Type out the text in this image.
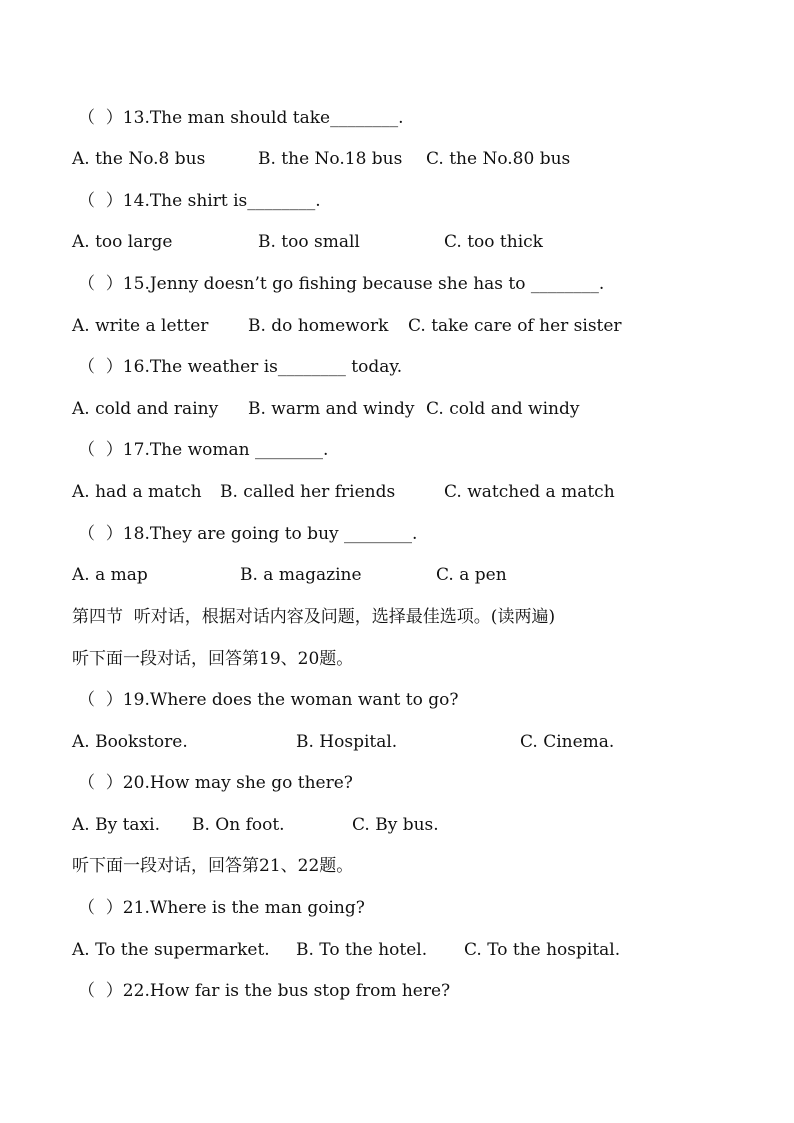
（  ）13.The man should take________.

A. the No.8 bus

	B. the No.18 bus

C. the No.80 bus

（  ）14.The shirt is________.

A. too large

	B. too small

	C. too thick

（  ）15.Jenny doesn’t go fishing because she has to ________.

A. write a letter

B. do homework

C. take care of her sister

（  ）16.The weather is________ today.

A. cold and rainy

B. warm and windy

C. cold and windy

（  ）17.The woman ________.

A. had a match

B. called her friends

	C. watched a match

（  ）18.They are going to buy ________.

A. a map

	B. a magazine

	C. a pen

第四节  听对话，根据对话内容及问题，选择最佳选项。(读两遍)
听下面一段对话，回答第19、20题。
（  ）19.Where does the woman want to go?

A. Bookstore.

	B. Hospital.

	C. Cinema.

（  ）20.How may she go there?

A. By taxi.

B. On foot.

	C. By bus.

听下面一段对话，回答第21、22题。
（  ）21.Where is the man going?

A. To the supermarket.

B. To the hotel.

C. To the hospital.

（  ）22.How far is the bus stop from here?
